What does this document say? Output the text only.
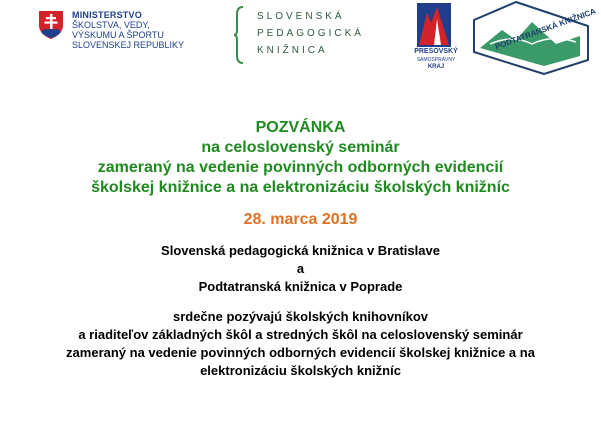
MINISTERSTVO
ŠKOLSTVA, VEDY,
VÝSKUMU A ŠPORTU
SLOVENSKEJ REPUBLIKY
SLOVENSKÁ
PEDAGOGICKÁ
KNIŽNICA	PREŠOVSKÝ
SAMOSPRÁVNY
KRAJ
PODTATRANSKÁ KNIŽNICA
POZVÁNKA
na celoslovenský seminár
zameraný na vedenie povinných odborných evidencií
školskej knižnice a na elektronizáciu školských knižníc
28. marca 2019
Slovenská pedagogická knižnica v Bratislave
a
Podtatranská knižnica v Poprade
srdečne pozývajú školských knihovníkov
a riaditeľov základných škôl a stredných škôl na celoslovenský seminár
zameraný na vedenie povinných odborných evidencií školskej knižnice a na
elektronizáciu školských knižníc
